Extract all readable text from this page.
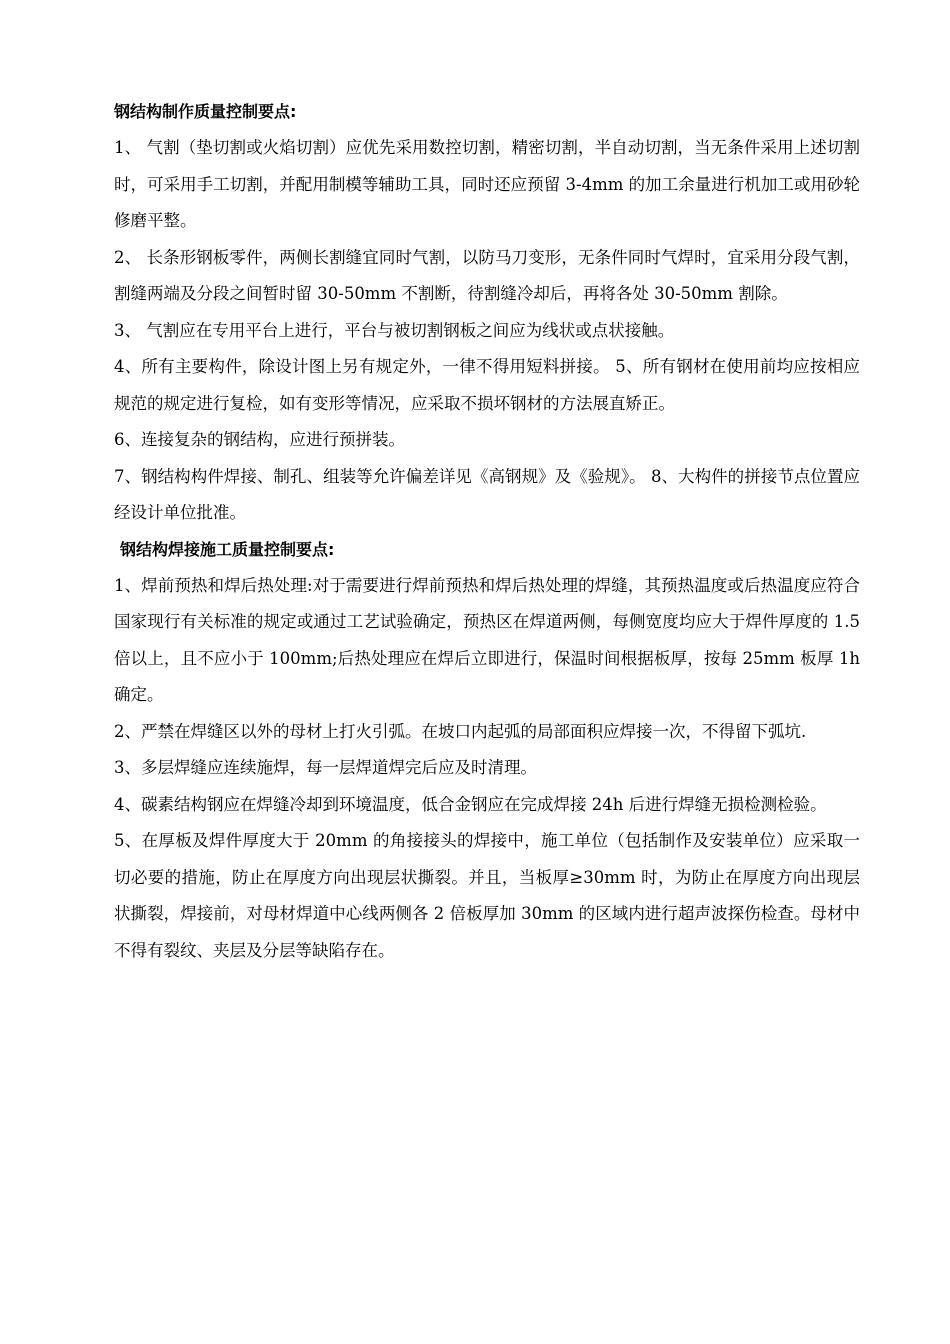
钢结构制作质量控制要点:

1、 气割（垫切割或火焰切割）应优先采用数控切割，精密切割，半自动切割，当无条件采用上述切割时，可采用手工切割，并配用制模等辅助工具，同时还应预留 3-4mm 的加工余量进行机加工或用砂轮修磨平整。

2、 长条形钢板零件，两侧长割缝宜同时气割，以防马刀变形，无条件同时气焊时，宜采用分段气割，割缝两端及分段之间暂时留 30-50mm 不割断，待割缝冷却后，再将各处 30-50mm 割除。

3、 气割应在专用平台上进行，平台与被切割钢板之间应为线状或点状接触。

4、所有主要构件，除设计图上另有规定外，一律不得用短料拼接。 5、所有钢材在使用前均应按相应规范的规定进行复检，如有变形等情况，应采取不损坏钢材的方法展直矫正。

6、连接复杂的钢结构，应进行预拼装。

7、钢结构构件焊接、制孔、组装等允许偏差详见《高钢规》及《验规》。 8、大构件的拼接节点位置应经设计单位批准。

钢结构焊接施工质量控制要点:

1、焊前预热和焊后热处理:对于需要进行焊前预热和焊后热处理的焊缝，其预热温度或后热温度应符合国家现行有关标准的规定或通过工艺试验确定，预热区在焊道两侧，每侧宽度均应大于焊件厚度的 1.5 倍以上，且不应小于 100mm;后热处理应在焊后立即进行，保温时间根据板厚，按每 25mm 板厚 1h 确定。

2、严禁在焊缝区以外的母材上打火引弧。在坡口内起弧的局部面积应焊接一次，不得留下弧坑.

3、多层焊缝应连续施焊，每一层焊道焊完后应及时清理。

4、碳素结构钢应在焊缝冷却到环境温度，低合金钢应在完成焊接 24h 后进行焊缝无损检测检验。

5、在厚板及焊件厚度大于 20mm 的角接接头的焊接中，施工单位（包括制作及安装单位）应采取一切必要的措施，防止在厚度方向出现层状撕裂。并且，当板厚≥30mm 时，为防止在厚度方向出现层状撕裂，焊接前，对母材焊道中心线两侧各 2 倍板厚加 30mm 的区域内进行超声波探伤检查。母材中不得有裂纹、夹层及分层等缺陷存在。
